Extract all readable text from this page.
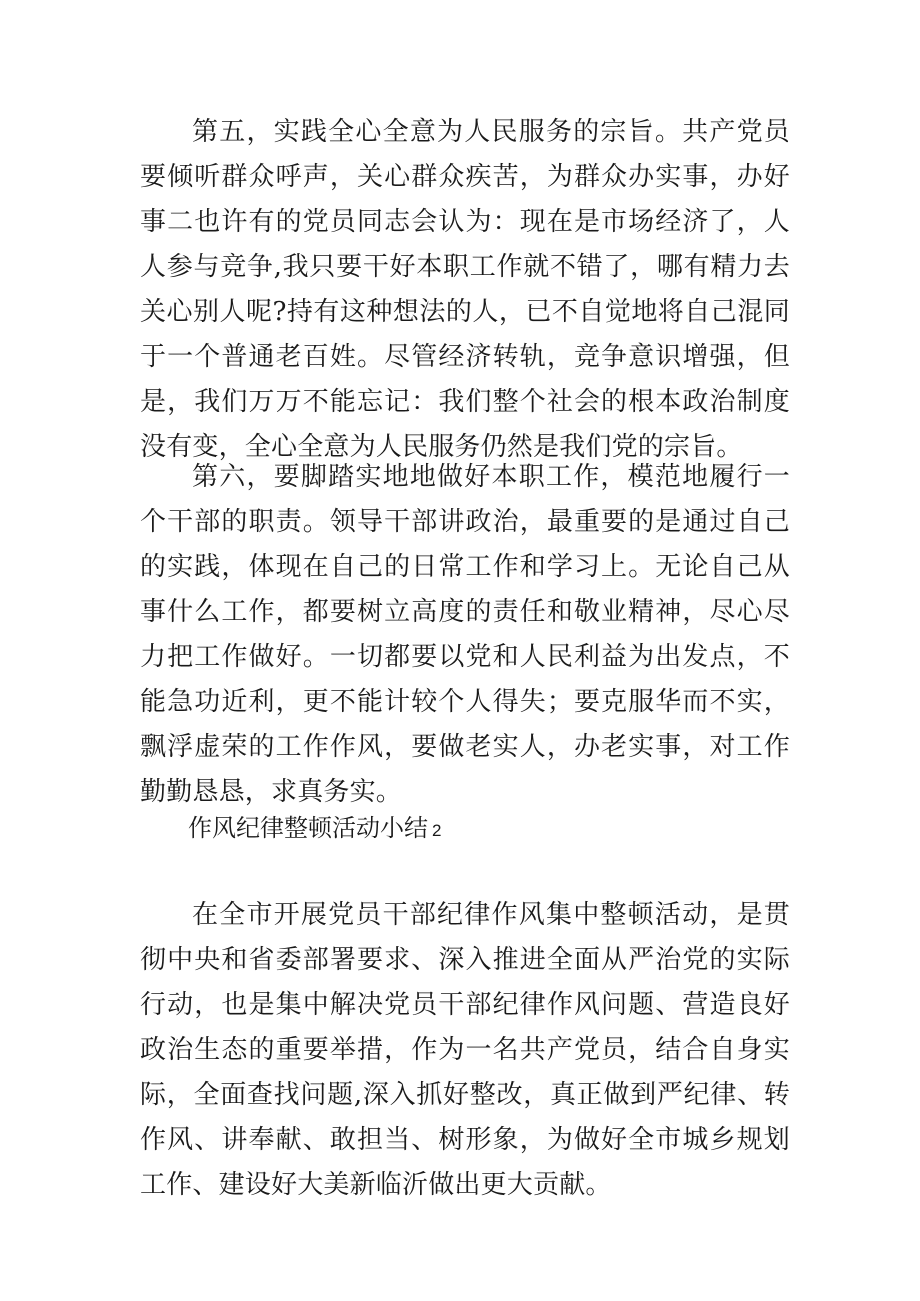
第五，实践全心全意为人民服务的宗旨。共产党员要倾听群众呼声，关心群众疾苦，为群众办实事，办好事二也许有的党员同志会认为：现在是市场经济了，人人参与竞争,我只要干好本职工作就不错了，哪有精力去关心别人呢?持有这种想法的人，已不自觉地将自己混同于一个普通老百姓。尽管经济转轨，竞争意识增强，但是，我们万万不能忘记：我们整个社会的根本政治制度没有变，全心全意为人民服务仍然是我们党的宗旨。

第六，要脚踏实地地做好本职工作，模范地履行一个干部的职责。领导干部讲政治，最重要的是通过自己的实践，体现在自己的日常工作和学习上。无论自己从事什么工作，都要树立高度的责任和敬业精神，尽心尽力把工作做好。一切都要以党和人民利益为出发点，不能急功近利，更不能计较个人得失；要克服华而不实，飘浮虚荣的工作作风，要做老实人，办老实事，对工作勤勤恳恳，求真务实。

作风纪律整顿活动小结 2

在全市开展党员干部纪律作风集中整顿活动，是贯彻中央和省委部署要求、深入推进全面从严治党的实际行动，也是集中解决党员干部纪律作风问题、营造良好政治生态的重要举措，作为一名共产党员，结合自身实际，全面查找问题,深入抓好整改，真正做到严纪律、转作风、讲奉献、敢担当、树形象，为做好全市城乡规划工作、建设好大美新临沂做出更大贡献。
